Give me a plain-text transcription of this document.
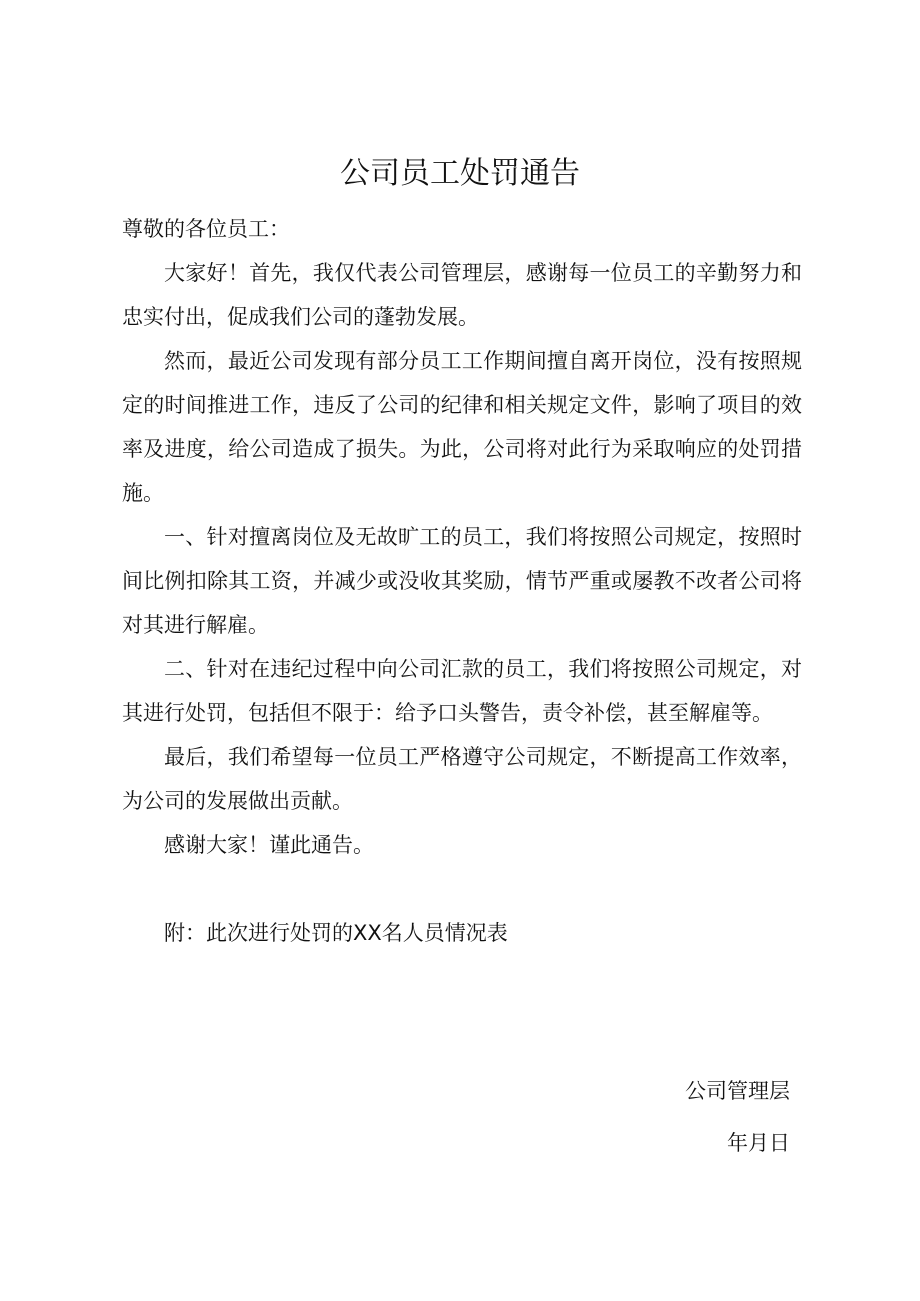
公司员工处罚通告

尊敬的各位员工：

大家好！首先，我仅代表公司管理层，感谢每一位员工的辛勤努力和忠实付出，促成我们公司的蓬勃发展。

然而，最近公司发现有部分员工工作期间擅自离开岗位，没有按照规定的时间推进工作，违反了公司的纪律和相关规定文件，影响了项目的效率及进度，给公司造成了损失。为此，公司将对此行为采取响应的处罚措施。

一、针对擅离岗位及无故旷工的员工，我们将按照公司规定，按照时间比例扣除其工资，并减少或没收其奖励，情节严重或屡教不改者公司将对其进行解雇。

二、针对在违纪过程中向公司汇款的员工，我们将按照公司规定，对其进行处罚，包括但不限于：给予口头警告，责令补偿，甚至解雇等。

最后，我们希望每一位员工严格遵守公司规定，不断提高工作效率，为公司的发展做出贡献。

感谢大家！谨此通告。

附：此次进行处罚的XX名人员情况表

公司管理层
年月日
